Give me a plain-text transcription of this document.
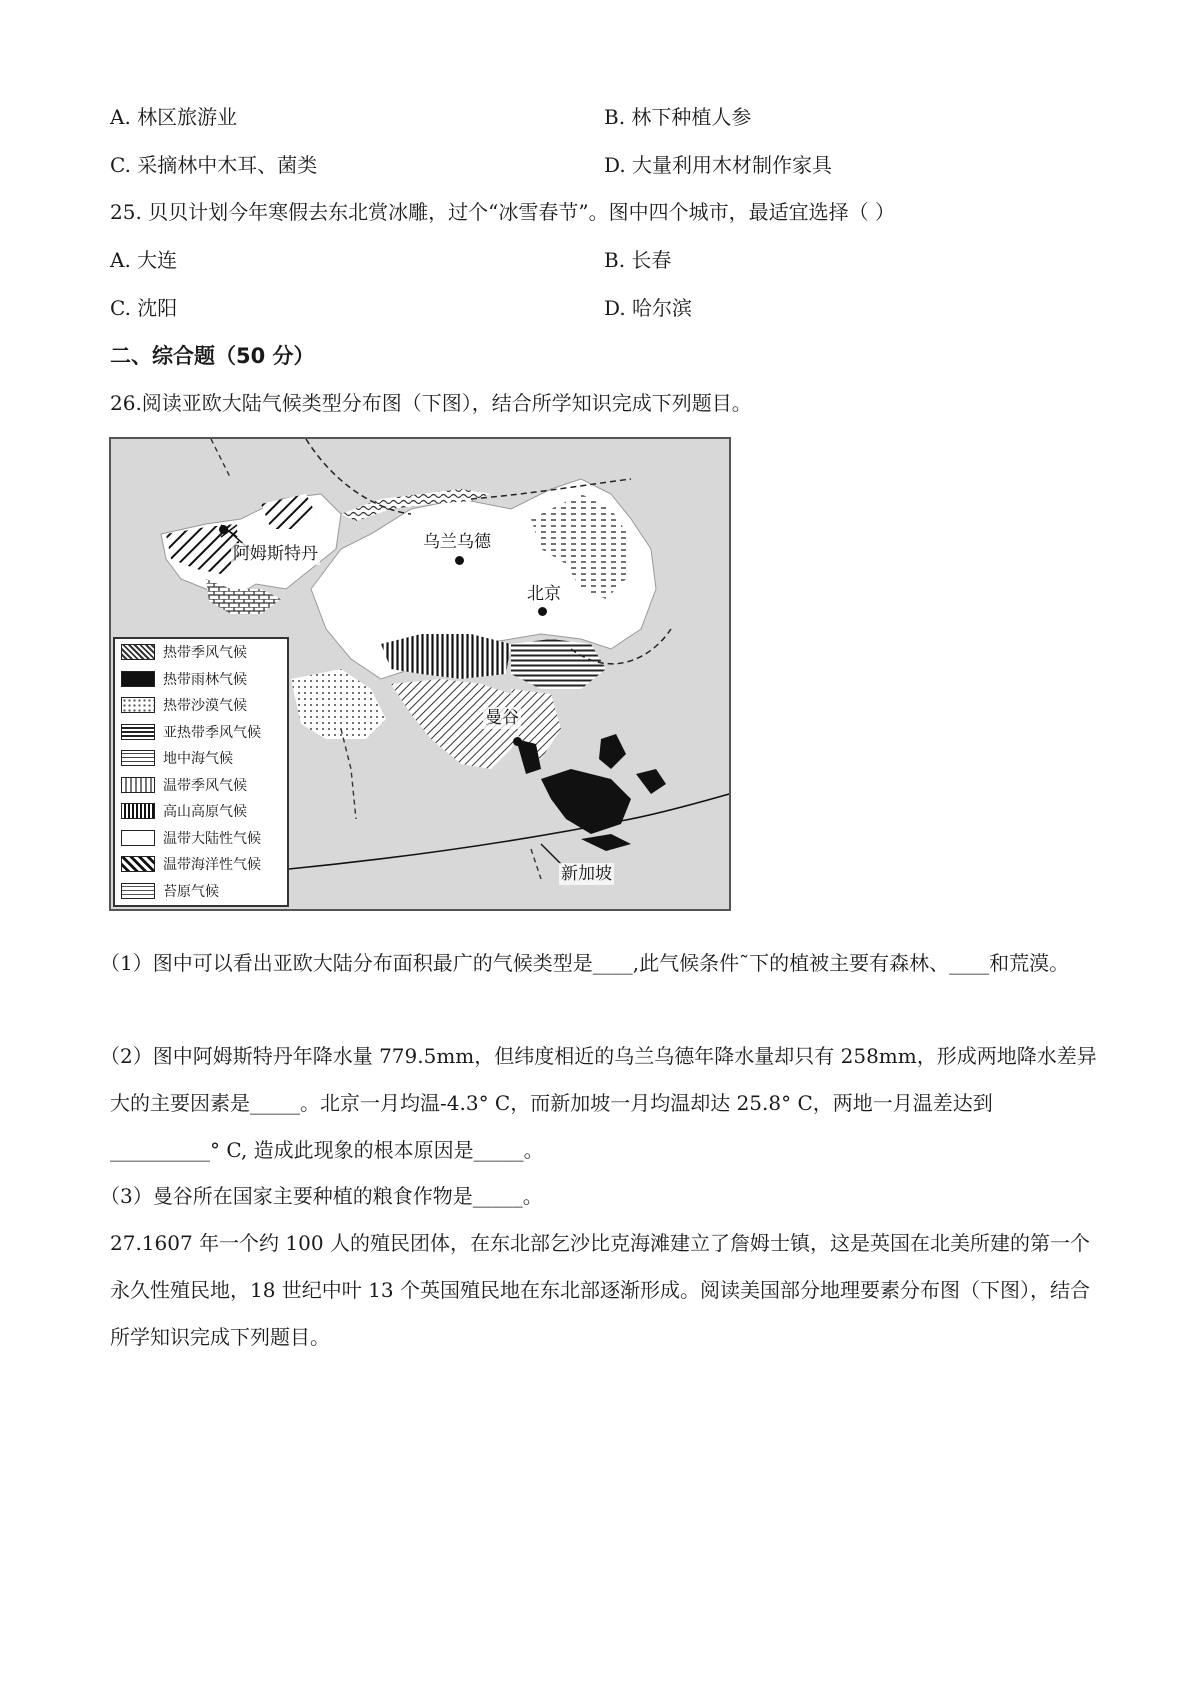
A. 林区旅游业	B. 林下种植人参
C. 采摘林中木耳、菌类	D. 大量利用木材制作家具
25. 贝贝计划今年寒假去东北赏冰雕，过个“冰雪春节”。图中四个城市，最适宜选择（ ）
A. 大连	B. 长春
C. 沈阳	D. 哈尔滨
二、综合题（50 分）
26.阅读亚欧大陆气候类型分布图（下图），结合所学知识完成下列题目。
阿姆斯特丹
乌兰乌德
北京
曼谷
新加坡
热带季风气候
热带雨林气候
热带沙漠气候
亚热带季风气候
地中海气候
温带季风气候
高山高原气候
温带大陆性气候
温带海洋性气候
苔原气候
（1）图中可以看出亚欧大陆分布面积最广的气候类型是____,此气候条件˜下的植被主要有森林、____和荒漠。
（2）图中阿姆斯特丹年降水量 779.5mm，但纬度相近的乌兰乌德年降水量却只有 258mm，形成两地降水差异大的主要因素是_____。北京一月均温-4.3° C，而新加坡一月均温却达 25.8° C，两地一月温差达到__________° C, 造成此现象的根本原因是_____。
（3）曼谷所在国家主要种植的粮食作物是_____。
27.1607 年一个约 100 人的殖民团体，在东北部乞沙比克海滩建立了詹姆士镇，这是英国在北美所建的第一个永久性殖民地，18 世纪中叶 13 个英国殖民地在东北部逐渐形成。阅读美国部分地理要素分布图（下图），结合所学知识完成下列题目。
